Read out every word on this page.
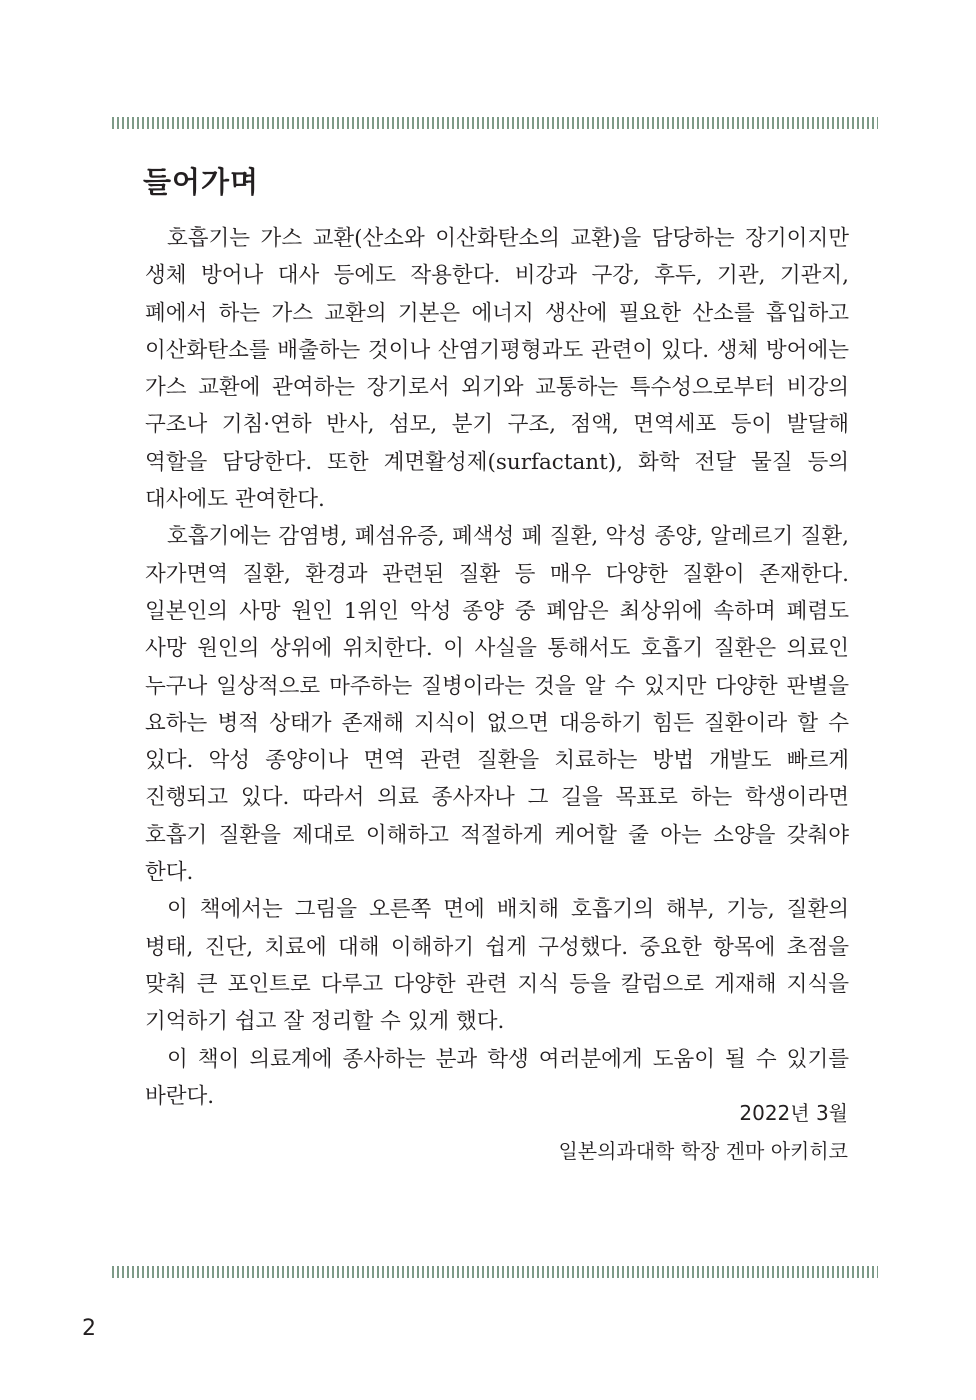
들어가며

호흡기는 가스 교환(산소와 이산화탄소의 교환)을 담당하는 장기이지만 생체 방어나 대사 등에도 작용한다. 비강과 구강, 후두, 기관, 기관지, 폐에서 하는 가스 교환의 기본은 에너지 생산에 필요한 산소를 흡입하고 이산화탄소를 배출하는 것이나 산염기평형과도 관련이 있다. 생체 방어에는 가스 교환에 관여하는 장기로서 외기와 교통하는 특수성으로부터 비강의 구조나 기침·연하 반사, 섬모, 분기 구조, 점액, 면역세포 등이 발달해 역할을 담당한다. 또한 계면활성제(surfactant), 화학 전달 물질 등의 대사에도 관여한다.

호흡기에는 감염병, 폐섬유증, 폐색성 폐 질환, 악성 종양, 알레르기 질환, 자가면역 질환, 환경과 관련된 질환 등 매우 다양한 질환이 존재한다. 일본인의 사망 원인 1위인 악성 종양 중 폐암은 최상위에 속하며 폐렴도 사망 원인의 상위에 위치한다. 이 사실을 통해서도 호흡기 질환은 의료인 누구나 일상적으로 마주하는 질병이라는 것을 알 수 있지만 다양한 판별을 요하는 병적 상태가 존재해 지식이 없으면 대응하기 힘든 질환이라 할 수 있다. 악성 종양이나 면역 관련 질환을 치료하는 방법 개발도 빠르게 진행되고 있다. 따라서 의료 종사자나 그 길을 목표로 하는 학생이라면 호흡기 질환을 제대로 이해하고 적절하게 케어할 줄 아는 소양을 갖춰야 한다.

이 책에서는 그림을 오른쪽 면에 배치해 호흡기의 해부, 기능, 질환의 병태, 진단, 치료에 대해 이해하기 쉽게 구성했다. 중요한 항목에 초점을 맞춰 큰 포인트로 다루고 다양한 관련 지식 등을 칼럼으로 게재해 지식을 기억하기 쉽고 잘 정리할 수 있게 했다.

이 책이 의료계에 종사하는 분과 학생 여러분에게 도움이 될 수 있기를 바란다.

2022년 3월
일본의과대학 학장 겐마 아키히코
2
